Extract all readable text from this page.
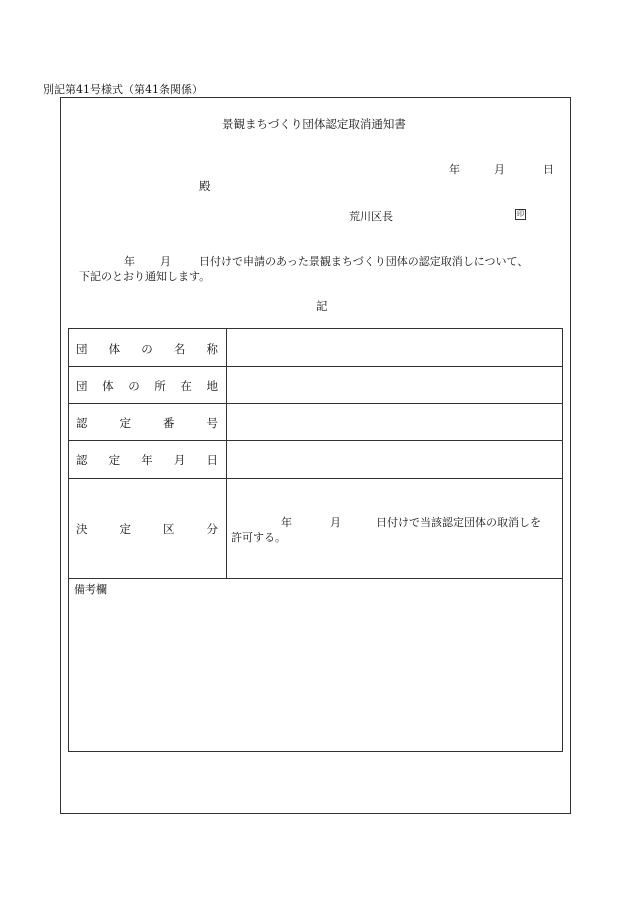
別記第41号様式（第41条関係）
景観まちづくり団体認定取消通知書
年	月	日
殿
荒川区長	印
年 月	日付けで申請のあった景観まちづくり団体の認定取消しについて、
下記のとおり通知します。
記
団 体 の 名 称
団 体 の 所 在 地
認	定	番	号
認 定 年 月 日
決	定	区	分	年	月	日付けで当該認定団体の取消しを
許可する。
備考欄
